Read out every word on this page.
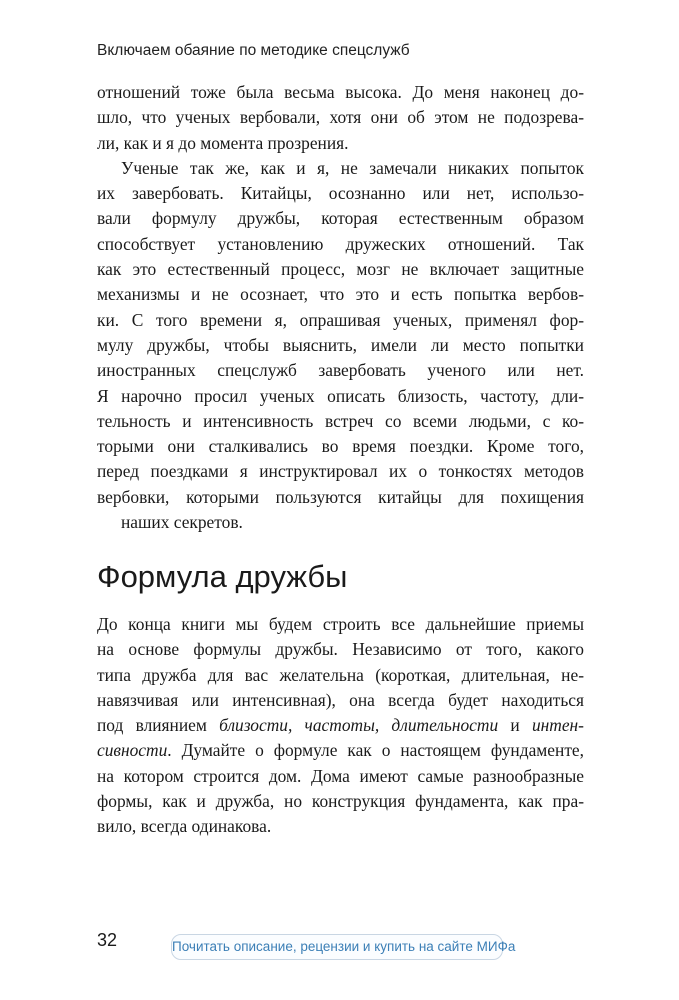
Включаем обаяние по методике спецслужб
отношений тоже была весьма высока. До меня наконец до-
шло, что ученых вербовали, хотя они об этом не подозрева-
ли, как и я до момента прозрения.
Ученые так же, как и я, не замечали никаких попыток
их завербовать. Китайцы, осознанно или нет, использо-
вали формулу дружбы, которая естественным образом
способствует установлению дружеских отношений. Так
как это естественный процесс, мозг не включает защитные
механизмы и не осознает, что это и есть попытка вербов-
ки. С того времени я, опрашивая ученых, применял фор-
мулу дружбы, чтобы выяснить, имели ли место попытки
иностранных спецслужб завербовать ученого или нет.
Я нарочно просил ученых описать близость, частоту, дли-
тельность и интенсивность встреч со всеми людьми, с ко-
торыми они сталкивались во время поездки. Кроме того,
перед поездками я инструктировал их о тонкостях методов
вербовки, которыми пользуются китайцы для похищения
наших секретов.
Формула дружбы
До конца книги мы будем строить все дальнейшие приемы
на основе формулы дружбы. Независимо от того, какого
типа дружба для вас желательна (короткая, длительная, не-
навязчивая или интенсивная), она всегда будет находиться
под влиянием близости, частоты, длительности и интен-
сивности. Думайте о формуле как о настоящем фундаменте,
на котором строится дом. Дома имеют самые разнообразные
формы, как и дружба, но конструкция фундамента, как пра-
вило, всегда одинакова.
32	Почитать описание, рецензии и купить на сайте МИФа
